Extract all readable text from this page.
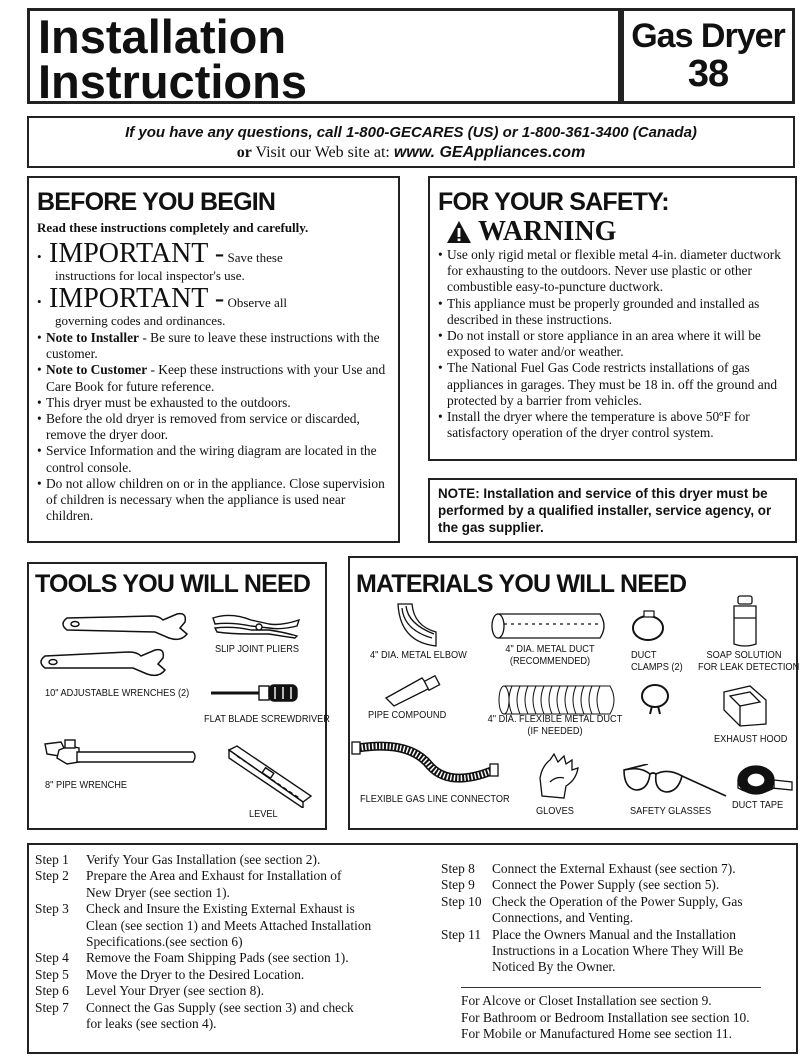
Installation
Instructions
Gas Dryer
38
If you have any questions, call 1-800-GECARES (US) or 1-800-361-3400 (Canada)
or Visit our Web site at: www. GEAppliances.com
BEFORE YOU BEGIN
Read these instructions completely and carefully.
• IMPORTANT - Save these
instructions for local inspector's use.
• IMPORTANT - Observe all
governing codes and ordinances.
• Note to Installer - Be sure to leave these instructions with the customer.
• Note to Customer - Keep these instructions with your Use and Care Book for future reference.
• This dryer must be exhausted to the outdoors.
• Before the old dryer is removed from service or discarded, remove the dryer door.
• Service Information and the wiring diagram are located in the control console.
• Do not allow children on or in the appliance. Close supervision of children is necessary when the appliance is used near children.
FOR YOUR SAFETY:
WARNING
• Use only rigid metal or flexible metal 4-in. diameter ductwork for exhausting to the outdoors. Never use plastic or other combustible easy-to-puncture ductwork.
• This appliance must be properly grounded and installed as described in these instructions.
• Do not install or store appliance in an area where it will be exposed to water and/or weather.
• The National Fuel Gas Code restricts installations of gas appliances in garages. They must be 18 in. off the ground and protected by a barrier from vehicles.
• Install the dryer where the temperature is above 50ºF for satisfactory operation of the dryer control system.
NOTE: Installation and service of this dryer must be performed by a qualified installer, service agency, or the gas supplier.
TOOLS YOU WILL NEED
10" ADJUSTABLE WRENCHES (2)
SLIP JOINT PLIERS
FLAT BLADE SCREWDRIVER
8" PIPE WRENCHE
LEVEL
MATERIALS YOU WILL NEED
4" DIA. METAL ELBOW
4" DIA. METAL DUCT
(RECOMMENDED)
DUCT
CLAMPS (2)
SOAP SOLUTION
FOR LEAK DETECTION
PIPE COMPOUND	4" DIA. FLEXIBLE METAL DUCT
(IF NEEDED)
EXHAUST HOOD
FLEXIBLE GAS LINE CONNECTOR
GLOVES	SAFETY GLASSES
DUCT TAPE
Step 1	Verify Your Gas Installation (see section 2).
Step 2	Prepare the Area and Exhaust for Installation of
New Dryer (see section 1).
Step 3	Check and Insure the Existing External Exhaust is
Clean (see section 1) and Meets Attached Installation
Specifications.(see section 6)
Step 4	Remove the Foam Shipping Pads (see section 1).
Step 5	Move the Dryer to the Desired Location.
Step 6	Level Your Dryer (see section 8).
Step 7	Connect the Gas Supply (see section 3) and check
for leaks (see section 4).
Step 8	Connect the External Exhaust (see section 7).
Step 9	Connect the Power Supply (see section 5).
Step 10 Check the Operation of the Power Supply, Gas
Connections, and Venting.
Step 11 Place the Owners Manual and the Installation
Instructions in a Location Where They Will Be
Noticed By the Owner.
For Alcove or Closet Installation see section 9.
For Bathroom or Bedroom Installation see section 10.
For Mobile or Manufactured Home see section 11.
